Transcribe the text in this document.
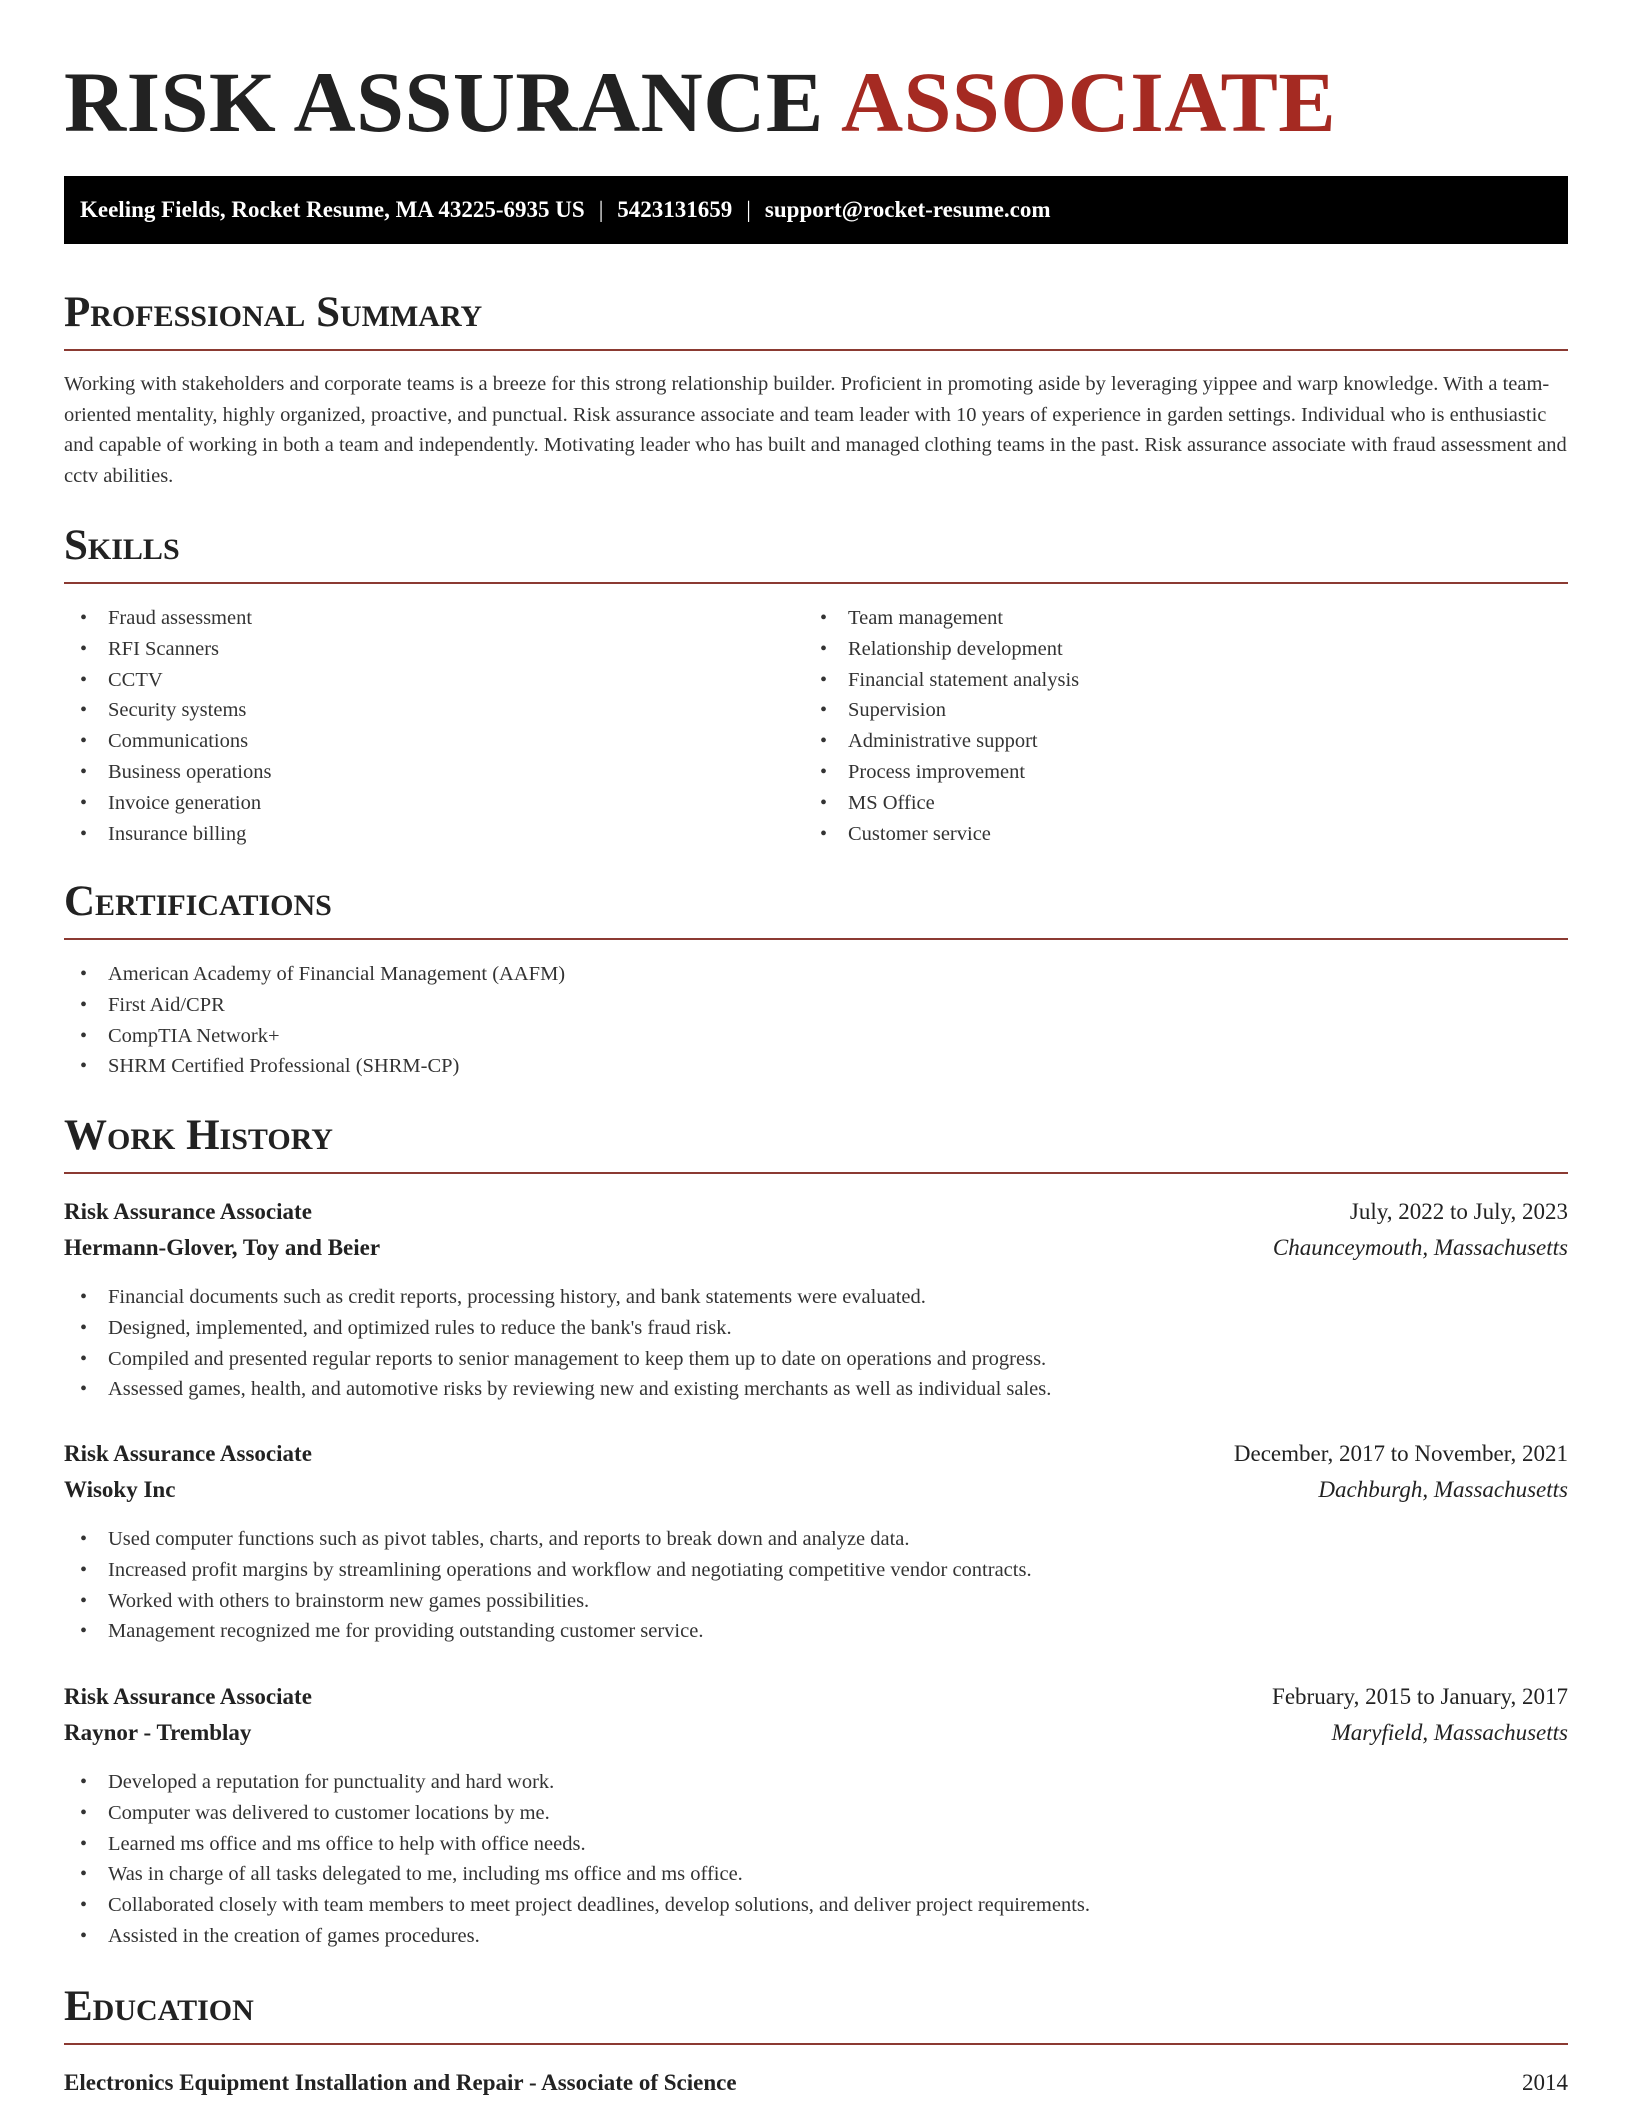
RISK ASSURANCE ASSOCIATE
Keeling Fields, Rocket Resume, MA 43225-6935 US | 5423131659 | support@rocket-resume.com
Professional Summary

Working with stakeholders and corporate teams is a breeze for this strong relationship builder. Proficient in promoting aside by leveraging yippee and warp knowledge. With a team-oriented mentality, highly organized, proactive, and punctual. Risk assurance associate and team leader with 10 years of experience in garden settings. Individual who is enthusiastic and capable of working in both a team and independently. Motivating leader who has built and managed clothing teams in the past. Risk assurance associate with fraud assessment and cctv abilities.

Skills
• Fraud assessment
• RFI Scanners
• CCTV
• Security systems
• Communications
• Business operations
• Invoice generation
• Insurance billing
• Team management
• Relationship development
• Financial statement analysis
• Supervision
• Administrative support
• Process improvement
• MS Office
• Customer service
Certifications
• American Academy of Financial Management (AAFM)
• First Aid/CPR
• CompTIA Network+
• SHRM Certified Professional (SHRM-CP)
Work History
Risk Assurance Associate	July, 2022 to July, 2023
Hermann-Glover, Toy and Beier	Chaunceymouth, Massachusetts
• Financial documents such as credit reports, processing history, and bank statements were evaluated.
• Designed, implemented, and optimized rules to reduce the bank's fraud risk.
• Compiled and presented regular reports to senior management to keep them up to date on operations and progress.
• Assessed games, health, and automotive risks by reviewing new and existing merchants as well as individual sales.
Risk Assurance Associate	December, 2017 to November, 2021
Wisoky Inc	Dachburgh, Massachusetts
• Used computer functions such as pivot tables, charts, and reports to break down and analyze data.
• Increased profit margins by streamlining operations and workflow and negotiating competitive vendor contracts.
• Worked with others to brainstorm new games possibilities.
• Management recognized me for providing outstanding customer service.
Risk Assurance Associate	February, 2015 to January, 2017
Raynor - Tremblay	Maryfield, Massachusetts
• Developed a reputation for punctuality and hard work.
• Computer was delivered to customer locations by me.
• Learned ms office and ms office to help with office needs.
• Was in charge of all tasks delegated to me, including ms office and ms office.
• Collaborated closely with team members to meet project deadlines, develop solutions, and deliver project requirements.
• Assisted in the creation of games procedures.
Education
Electronics Equipment Installation and Repair - Associate of Science	2014
